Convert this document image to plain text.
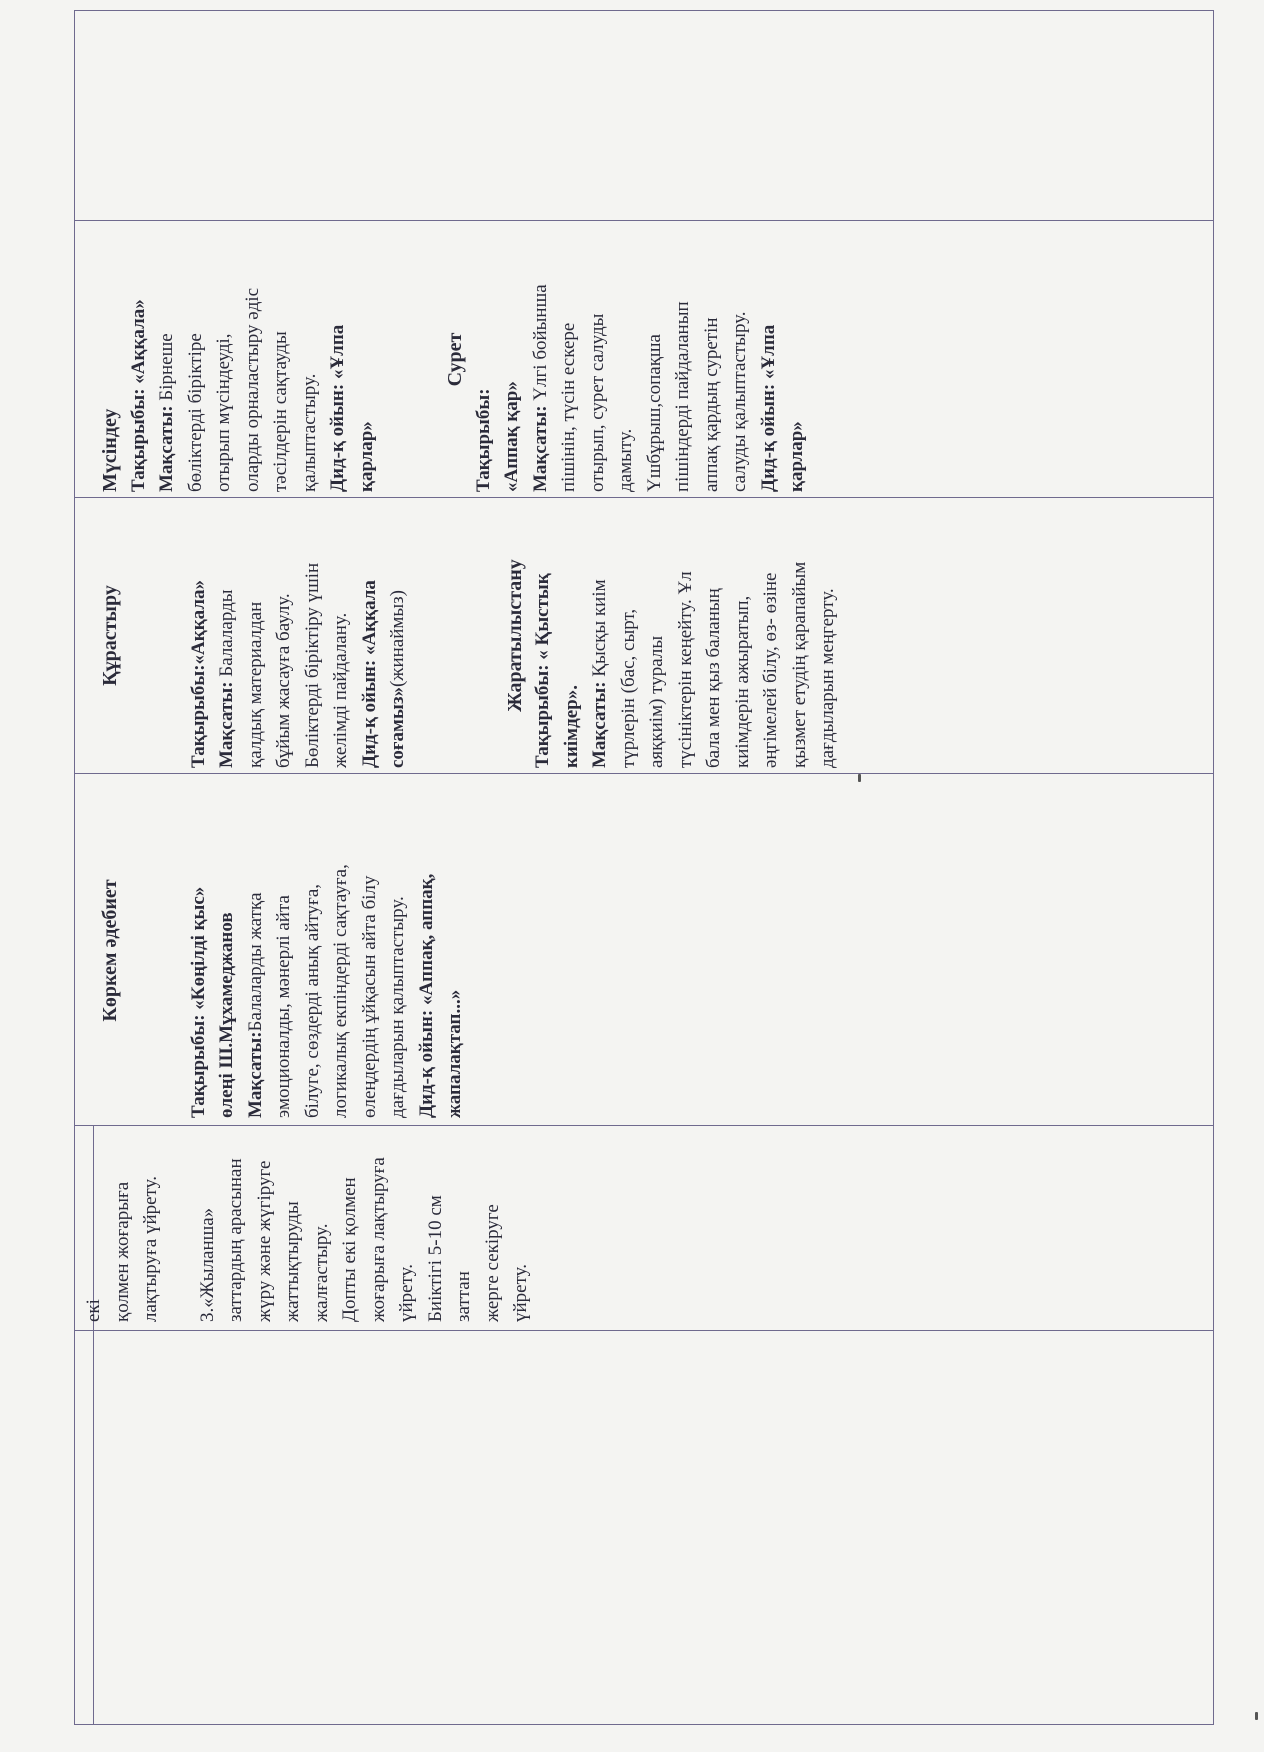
екі қолмен жоғарыға лақтыруға үйрету. 3.«Жыланша» заттардың арасынан жүру және жүгіруге жаттықтыруды жалғастыру. Допты екі қолмен жоғарыға лақтыруға үйрету. Биіктігі 5-10 см заттан жерге секіруге үйрету.

Көркем әдебиет	Тақырыбы: «Көңілді қыс» өлеңі Ш.Мұхамеджанов Мақсаты:Балаларды жатқа эмоционалды, мәнерлі айта білуге, сөздерді анық айтуға, логикалық екпіндерді сақтауға, өлеңдердің ұйқасын айта білу дағдыларын қалыптастыру. Дид-қ ойын: «Аппақ, аппақ, жапалақтап...»

Құрастыру

Тақырыбы:«Аққала»

Мақсаты: Балаларды қалдық материалдан бұйым жасауға баулу. Бөліктерді біріктіру үшін желімді пайдалану. Дид-қ ойын: «Аққала соғамыз»(жинаймыз)	Жаратылыстану Тақырыбы: « Қыстық киімдер». Мақсаты: Қысқы киім түрлерін (бас, сырт, аяқкиім) туралы түсініктерін кеңейту. Ұл бала мен қыз баланың киімдерін ажыратып, әңгімелей білу, өз- өзіне қызмет етудің қарапайым дағдыларын меңгерту.

Мүсіндеу Тақырыбы: «Аққала»

Мақсаты: Бірнеше бөліктерді біріктіре отырып мүсіндеуді, оларды орналастыру әдіс тәсілдерін сақтауды қалыптастыру. Дид-қ ойын: «Ұлпа қарлар»

Сурет

Тақырыбы: «Аппақ қар» Мақсаты: Үлгі бойынша пішінін, түсін ескере отырып, сурет салуды дамыту. Үшбұрыш,сопақша пішіндерді пайдаланып аппақ қардың суретін салуды қалыптастыру. Дид-қ ойын: «Ұлпа қарлар»
